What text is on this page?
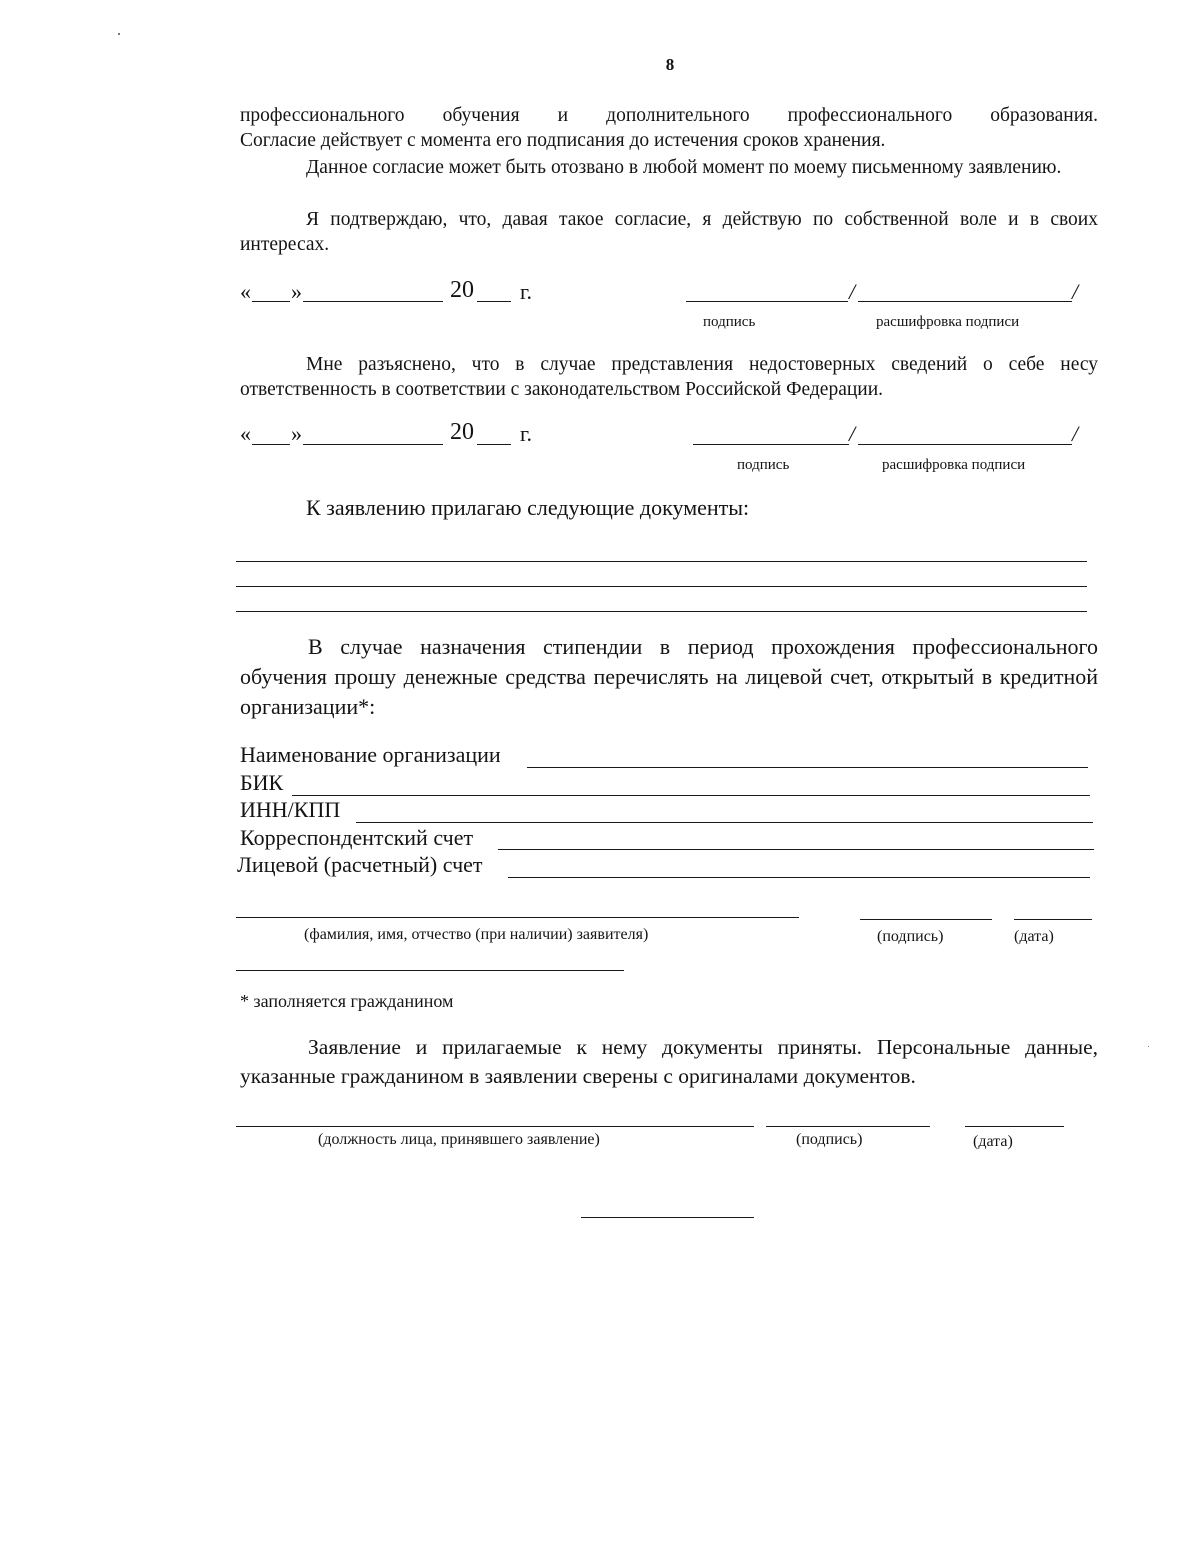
8
профессионального обучения и дополнительного профессионального образования.
Согласие действует с момента его подписания до истечения сроков хранения.
Данное согласие может быть отозвано в любой момент по моему письменному заявлению.
Я подтверждаю, что, давая такое согласие, я действую по собственной воле и в своих интересах.
« »	20 г.	/	/
подпись	расшифровка подписи
Мне разъяснено, что в случае представления недостоверных сведений о себе несу ответственность в соответствии с законодательством Российской Федерации.
« »	20 г.	/	/
подпись	расшифровка подписи
К заявлению прилагаю следующие документы:
В случае назначения стипендии в период прохождения профессионального обучения прошу денежные средства перечислять на лицевой счет, открытый в кредитной организации*:
Наименование организации
БИК
ИНН/КПП
Корреспондентский счет
Лицевой (расчетный) счет
(фамилия, имя, отчество (при наличии) заявителя)	(подпись)	(дата)
* заполняется гражданином
Заявление и прилагаемые к нему документы приняты. Персональные данные, указанные гражданином в заявлении сверены с оригиналами документов.
(должность лица, принявшего заявление)	(подпись)	(дата)
